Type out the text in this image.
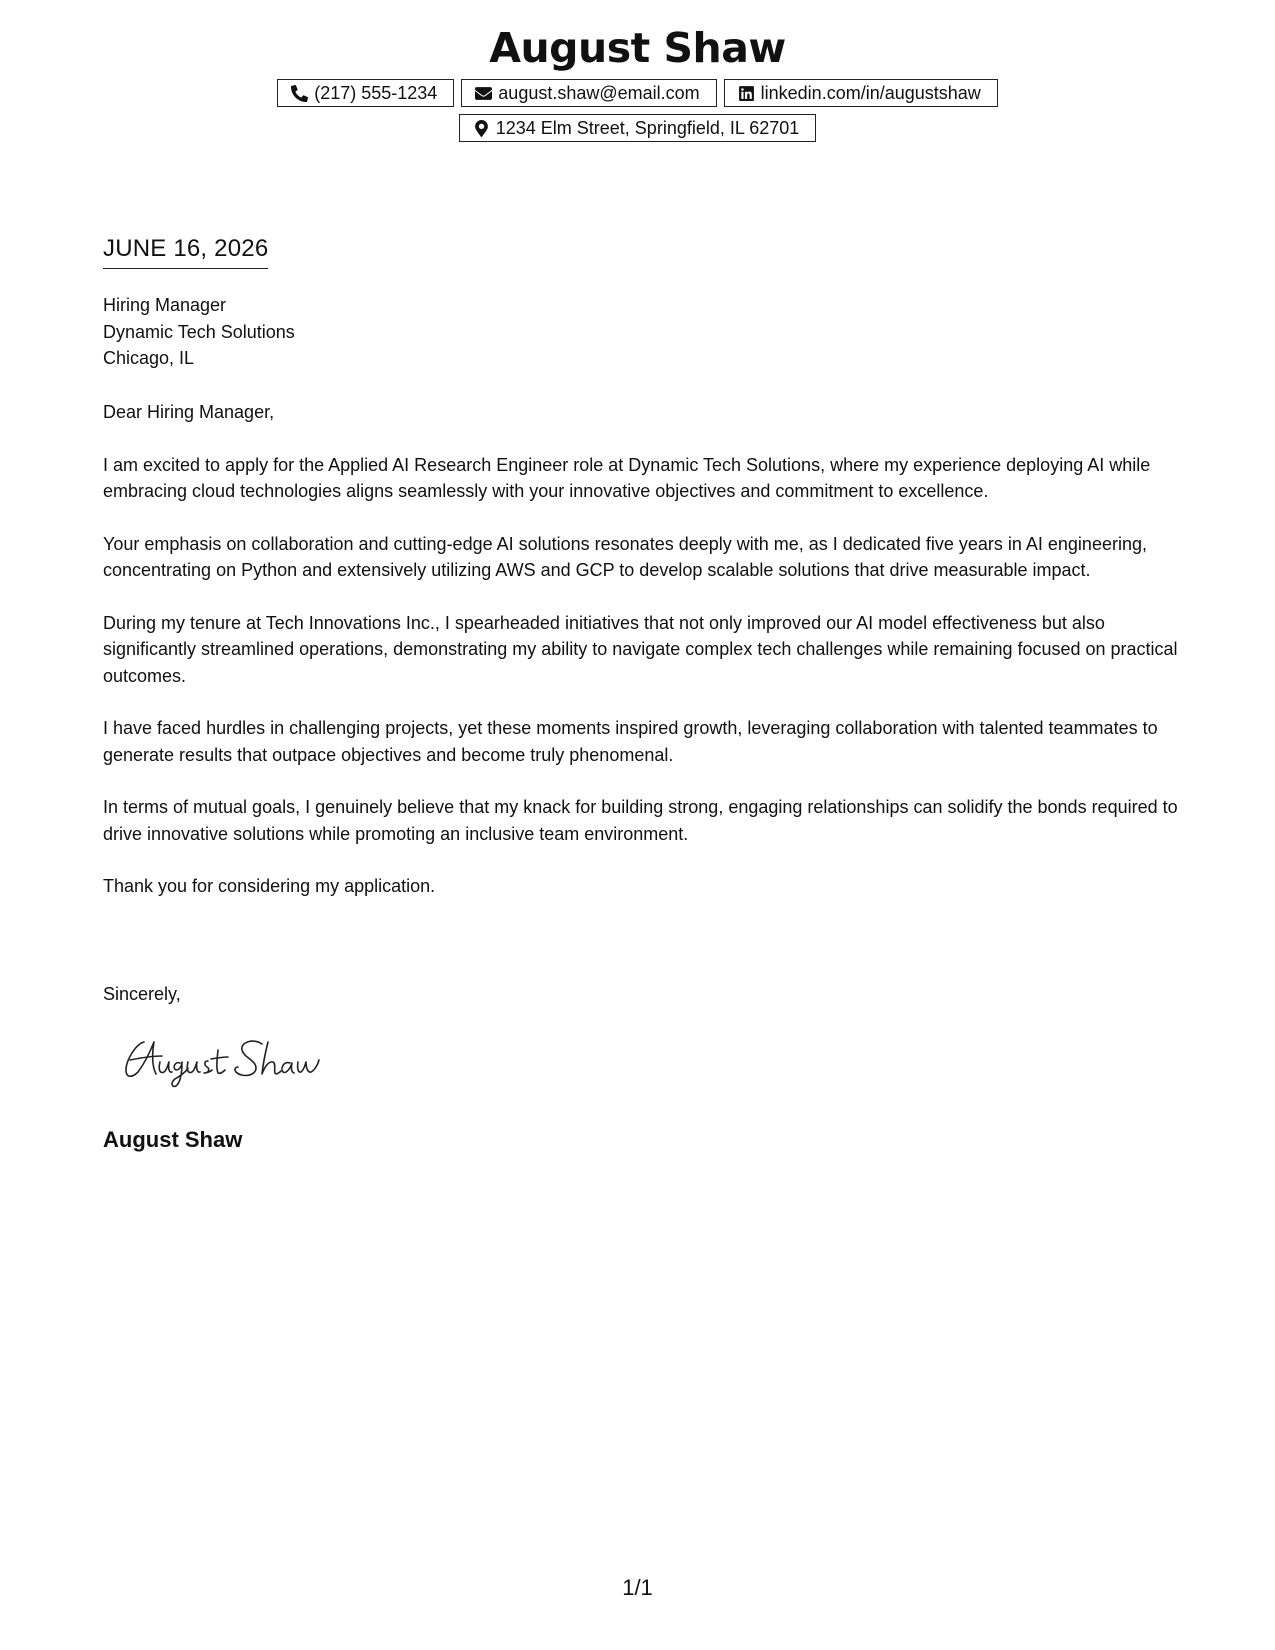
August Shaw
(217) 555-1234	august.shaw@email.com	linkedin.com/in/augustshaw
1234 Elm Street, Springfield, IL 62701
JUNE 16, 2026
Hiring Manager
Dynamic Tech Solutions
Chicago, IL

Dear Hiring Manager,

I am excited to apply for the Applied AI Research Engineer role at Dynamic Tech Solutions, where my experience deploying AI while embracing cloud technologies aligns seamlessly with your innovative objectives and commitment to excellence.

Your emphasis on collaboration and cutting-edge AI solutions resonates deeply with me, as I dedicated five years in AI engineering, concentrating on Python and extensively utilizing AWS and GCP to develop scalable solutions that drive measurable impact.

During my tenure at Tech Innovations Inc., I spearheaded initiatives that not only improved our AI model effectiveness but also significantly streamlined operations, demonstrating my ability to navigate complex tech challenges while remaining focused on practical outcomes.

I have faced hurdles in challenging projects, yet these moments inspired growth, leveraging collaboration with talented teammates to generate results that outpace objectives and become truly phenomenal.

In terms of mutual goals, I genuinely believe that my knack for building strong, engaging relationships can solidify the bonds required to drive innovative solutions while promoting an inclusive team environment.

Thank you for considering my application.

Sincerely,
August Shaw
1/1
